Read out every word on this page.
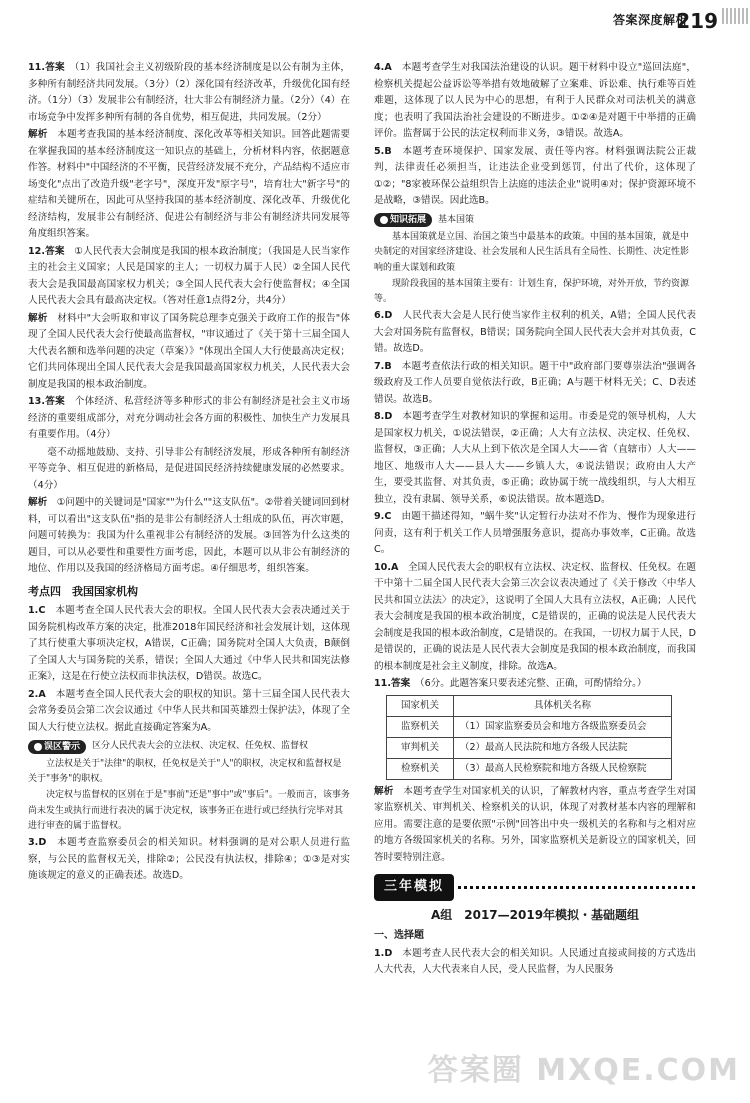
答案深度解析
219

11.答案　（1）我国社会主义初级阶段的基本经济制度是以公有制为主体，多种所有制经济共同发展。（3分）（2）深化国有经济改革，升级优化国有经济。（1分）（3）发展非公有制经济，壮大非公有制经济力量。（2分）（4）在市场竞争中发挥多种所有制的各自优势，相互促进，共同发展。（2分）

解析　本题考查我国的基本经济制度、深化改革等相关知识。回答此题需要在掌握我国的基本经济制度这一知识点的基础上，分析材料内容，依据题意作答。材料中"中国经济的不平衡，民营经济发展不充分，产品结构不适应市场变化"点出了改造升级"老字号"，深度开发"原字号"，培育壮大"新字号"的症结和关键所在，因此可从坚持我国的基本经济制度、深化改革、升级优化经济结构，发展非公有制经济、促进公有制经济与非公有制经济共同发展等角度组织答案。

12.答案　①人民代表大会制度是我国的根本政治制度；（我国是人民当家作主的社会主义国家；人民是国家的主人；一切权力属于人民）②全国人民代表大会是我国最高国家权力机关；③全国人民代表大会行使监督权；④全国人民代表大会具有最高决定权。（答对任意1点得2分，共4分）

解析　材料中"大会听取和审议了国务院总理李克强关于政府工作的报告"体现了全国人民代表大会行使最高监督权，"审议通过了《关于第十三届全国人大代表名额和选举问题的决定（草案）》"体现出全国人大行使最高决定权；它们共同体现出全国人民代表大会是我国最高国家权力机关，人民代表大会制度是我国的根本政治制度。

13.答案　个体经济、私营经济等多种形式的非公有制经济是社会主义市场经济的重要组成部分，对充分调动社会各方面的积极性、加快生产力发展具有重要作用。（4分）

毫不动摇地鼓励、支持、引导非公有制经济发展，形成各种所有制经济平等竞争、相互促进的新格局，是促进国民经济持续健康发展的必然要求。（4分）

解析　①问题中的关键词是"国家""为什么""这支队伍"。②带着关键词回到材料，可以看出"这支队伍"指的是非公有制经济人士组成的队伍，再次审题，问题可转换为：我国为什么重视非公有制经济的发展。③回答为什么这类的题目，可以从必要性和重要性方面考虑，因此，本题可以从非公有制经济的地位、作用以及我国的经济格局方面考虑。④仔细思考，组织答案。

考点四　我国国家机构

1.C　本题考查全国人民代表大会的职权。全国人民代表大会表决通过关于国务院机构改革方案的决定，批准2018年国民经济和社会发展计划，这体现了其行使重大事项决定权，A错误，C正确；国务院对全国人大负责，B颠倒了全国人大与国务院的关系，错误；全国人大通过《中华人民共和国宪法修正案》，这是在行使立法权而非执法权，D错误。故选C。

2.A　本题考查全国人民代表大会的职权的知识。第十三届全国人民代表大会常务委员会第二次会议通过《中华人民共和国英雄烈士保护法》，体现了全国人大行使立法权。据此直接确定答案为A。

误区警示 区分人民代表大会的立法权、决定权、任免权、监督权

立法权是关于"法律"的职权，任免权是关于"人"的职权，决定权和监督权是关于"事务"的职权。

决定权与监督权的区别在于是"事前"还是"事中"或"事后"。一般而言，该事务尚未发生或执行而进行表决的属于决定权，该事务正在进行或已经执行完毕对其进行审查的属于监督权。

3.D　本题考查监察委员会的相关知识。材料强调的是对公职人员进行监察，与公民的监督权无关，排除②；公民没有执法权，排除④；①③是对实施该规定的意义的正确表述。故选D。

4.A　本题考查学生对我国法治建设的认识。题干材料中设立"巡回法庭"，检察机关提起公益诉讼等举措有效地破解了立案难、诉讼难、执行难等百姓难题，这体现了以人民为中心的思想，有利于人民群众对司法机关的满意度；也表明了我国法治社会建设的不断进步。①②④是对题干中举措的正确评价。监督属于公民的法定权利而非义务，③错误。故选A。

5.B　本题考查环境保护、国家发展、责任等内容。材料强调法院公正裁判，法律责任必须担当，让违法企业受到惩罚，付出了代价，这体现了①②；"8家被环保公益组织告上法庭的违法企业"说明④对；保护资源环境不是战略，③错误。因此选B。

知识拓展 基本国策

基本国策就是立国、治国之策当中最基本的政策。中国的基本国策，就是中央制定的对国家经济建设、社会发展和人民生活具有全局性、长期性、决定性影响的重大谋划和政策

现阶段我国的基本国策主要有：计划生育，保护环境，对外开放，节约资源等。

6.D　人民代表大会是人民行使当家作主权利的机关，A错；全国人民代表大会对国务院有监督权，B错误；国务院向全国人民代表大会并对其负责，C错。故选D。

7.B　本题考查依法行政的相关知识。题干中"政府部门要尊崇法治"强调各级政府及工作人员要自觉依法行政，B正确；A与题干材料无关；C、D表述错误。故选B。

8.D　本题考查学生对教材知识的掌握和运用。市委是党的领导机构，人大是国家权力机关，①说法错误，②正确；人大有立法权、决定权、任免权、监督权，③正确；人大从上到下依次是全国人大——省（直辖市）人大——地区、地级市人大——县人大——乡镇人大，④说法错误；政府由人大产生，要受其监督、对其负责，⑤正确；政协属于统一战线组织，与人大相互独立，没有隶属、领导关系，⑥说法错误。故本题选D。

9.C　由题干描述得知，"蜗牛奖"认定暂行办法对不作为、慢作为现象进行问责，这有利于机关工作人员增强服务意识，提高办事效率，C正确。故选C。

10.A　全国人民代表大会的职权有立法权、决定权、监督权、任免权。在题干中第十二届全国人民代表大会第三次会议表决通过了《关于修改〈中华人民共和国立法法〉的决定》，这说明了全国人大具有立法权，A正确；人民代表大会制度是我国的根本政治制度，C是错误的，正确的说法是人民代表大会制度是我国的根本政治制度，C是错误的。在我国，一切权力属于人民，D是错误的，正确的说法是人民代表大会制度是我国的根本政治制度，而我国的根本制度是社会主义制度，排除。故选A。

11.答案　（6分。此题答案只要表述完整、正确，可酌情给分。）

国家机关	具体机关名称
监察机关	（1）国家监察委员会和地方各级监察委员会
审判机关	（2）最高人民法院和地方各级人民法院
检察机关	（3）最高人民检察院和地方各级人民检察院

解析　本题考查学生对国家机关的认识，了解教材内容，重点考查学生对国家监察机关、审判机关、检察机关的认识，体现了对教材基本内容的理解和应用。需要注意的是要依照"示例"回答出中央一级机关的名称和与之相对应的地方各级国家机关的名称。另外，国家监察机关是新设立的国家机关，回答时要特别注意。

三年模拟
A组　2017—2019年模拟・基础题组
一、选择题

1.D　本题考查人民代表大会的相关知识。人民通过直接或间接的方式选出人大代表，人大代表来自人民，受人民监督，为人民服务

答案圈 MXQE.COM
